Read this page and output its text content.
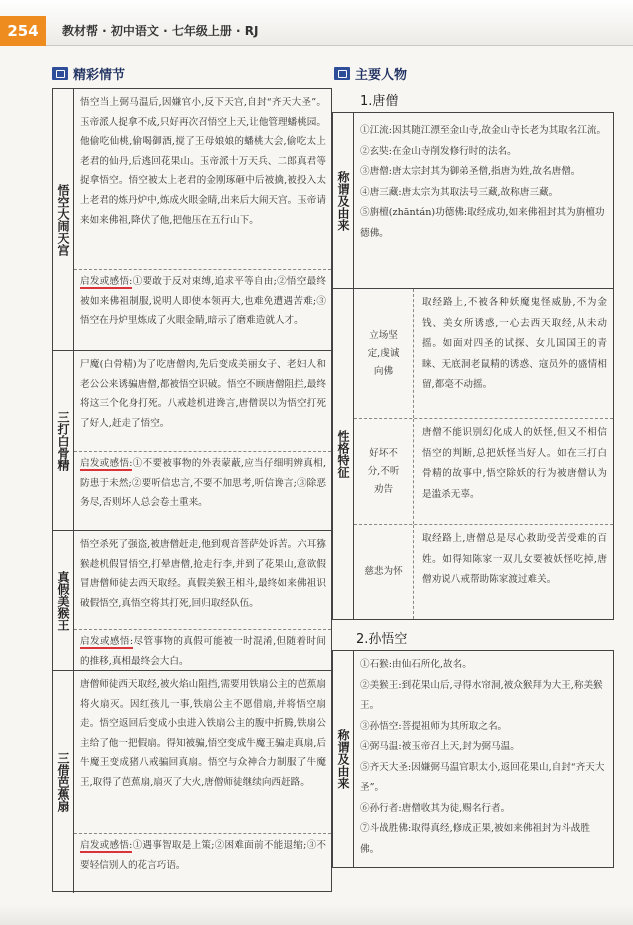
254	教材帮 · 初中语文 · 七年级上册 · RJ
精彩情节
悟空大闹天宫
悟空当上弼马温后,因嫌官小,反下天宫,自封“齐天大圣”。玉帝派人捉拿不成,只好再次召悟空上天,让他管理蟠桃园。他偷吃仙桃,偷喝御酒,搅了王母娘娘的蟠桃大会,偷吃太上老君的仙丹,后逃回花果山。玉帝派十万天兵、二郎真君等捉拿悟空。悟空被太上老君的金刚琢砸中后被擒,被投入太上老君的炼丹炉中,炼成火眼金睛,出来后大闹天宫。玉帝请来如来佛祖,降伏了他,把他压在五行山下。
启发或感悟:①要敢于反对束缚,追求平等自由;②悟空最终被如来佛祖制服,说明人即使本领再大,也难免遭遇苦难;③悟空在丹炉里炼成了火眼金睛,暗示了磨难造就人才。
三打白骨精
尸魔(白骨精)为了吃唐僧肉,先后变成美丽女子、老妇人和老公公来诱骗唐僧,都被悟空识破。悟空不顾唐僧阻拦,最终将这三个化身打死。八戒趁机进谗言,唐僧误以为悟空打死了好人,赶走了悟空。
启发或感悟:①不要被事物的外表蒙蔽,应当仔细明辨真相,防患于未然;②要听信忠言,不要不加思考,听信谗言;③除恶务尽,否则坏人总会卷土重来。
真假美猴王
悟空杀死了强盗,被唐僧赶走,他到观音菩萨处诉苦。六耳猕猴趁机假冒悟空,打晕唐僧,抢走行李,并到了花果山,意欲假冒唐僧师徒去西天取经。真假美猴王相斗,最终如来佛祖识破假悟空,真悟空将其打死,回归取经队伍。
启发或感悟:尽管事物的真假可能被一时混淆,但随着时间的推移,真相最终会大白。
三借芭蕉扇
唐僧师徒西天取经,被火焰山阻挡,需要用铁扇公主的芭蕉扇将火扇灭。因红孩儿一事,铁扇公主不愿借扇,并将悟空扇走。悟空返回后变成小虫进入铁扇公主的腹中折腾,铁扇公主给了他一把假扇。得知被骗,悟空变成牛魔王骗走真扇,后牛魔王变成猪八戒骗回真扇。悟空与众神合力制服了牛魔王,取得了芭蕉扇,扇灭了大火,唐僧师徒继续向西赶路。
启发或感悟:①遇事智取是上策;②困难面前不能退缩;③不要轻信别人的花言巧语。
主要人物
1.唐僧
称谓及由来
①江流:因其随江漂至金山寺,故金山寺长老为其取名江流。
②玄奘:在金山寺削发修行时的法名。
③唐僧:唐太宗封其为御弟圣僧,指唐为姓,故名唐僧。
④唐三藏:唐太宗为其取法号三藏,故称唐三藏。
⑤旃檀(zhāntán)功德佛:取经成功,如来佛祖封其为旃檀功德佛。
性格特征
立场坚定,虔诚向佛
取经路上,不被各种妖魔鬼怪威胁,不为金钱、美女所诱惑,一心去西天取经,从未动摇。如面对四圣的试探、女儿国国王的青睐、无底洞老鼠精的诱惑、寇员外的盛情相留,都毫不动摇。
好坏不分,不听劝告
唐僧不能识别幻化成人的妖怪,但又不相信悟空的判断,总把妖怪当好人。如在三打白骨精的故事中,悟空除妖的行为被唐僧认为是滥杀无辜。
慈悲为怀
取经路上,唐僧总是尽心救助受苦受难的百姓。如得知陈家一双儿女要被妖怪吃掉,唐僧劝说八戒帮助陈家渡过难关。
2.孙悟空
称谓及由来
①石猴:由仙石所化,故名。
②美猴王:到花果山后,寻得水帘洞,被众猴拜为大王,称美猴王。
③孙悟空:菩提祖师为其所取之名。
④弼马温:被玉帝召上天,封为弼马温。
⑤齐天大圣:因嫌弼马温官职太小,返回花果山,自封“齐天大圣”。
⑥孙行者:唐僧收其为徒,赐名行者。
⑦斗战胜佛:取得真经,修成正果,被如来佛祖封为斗战胜佛。
